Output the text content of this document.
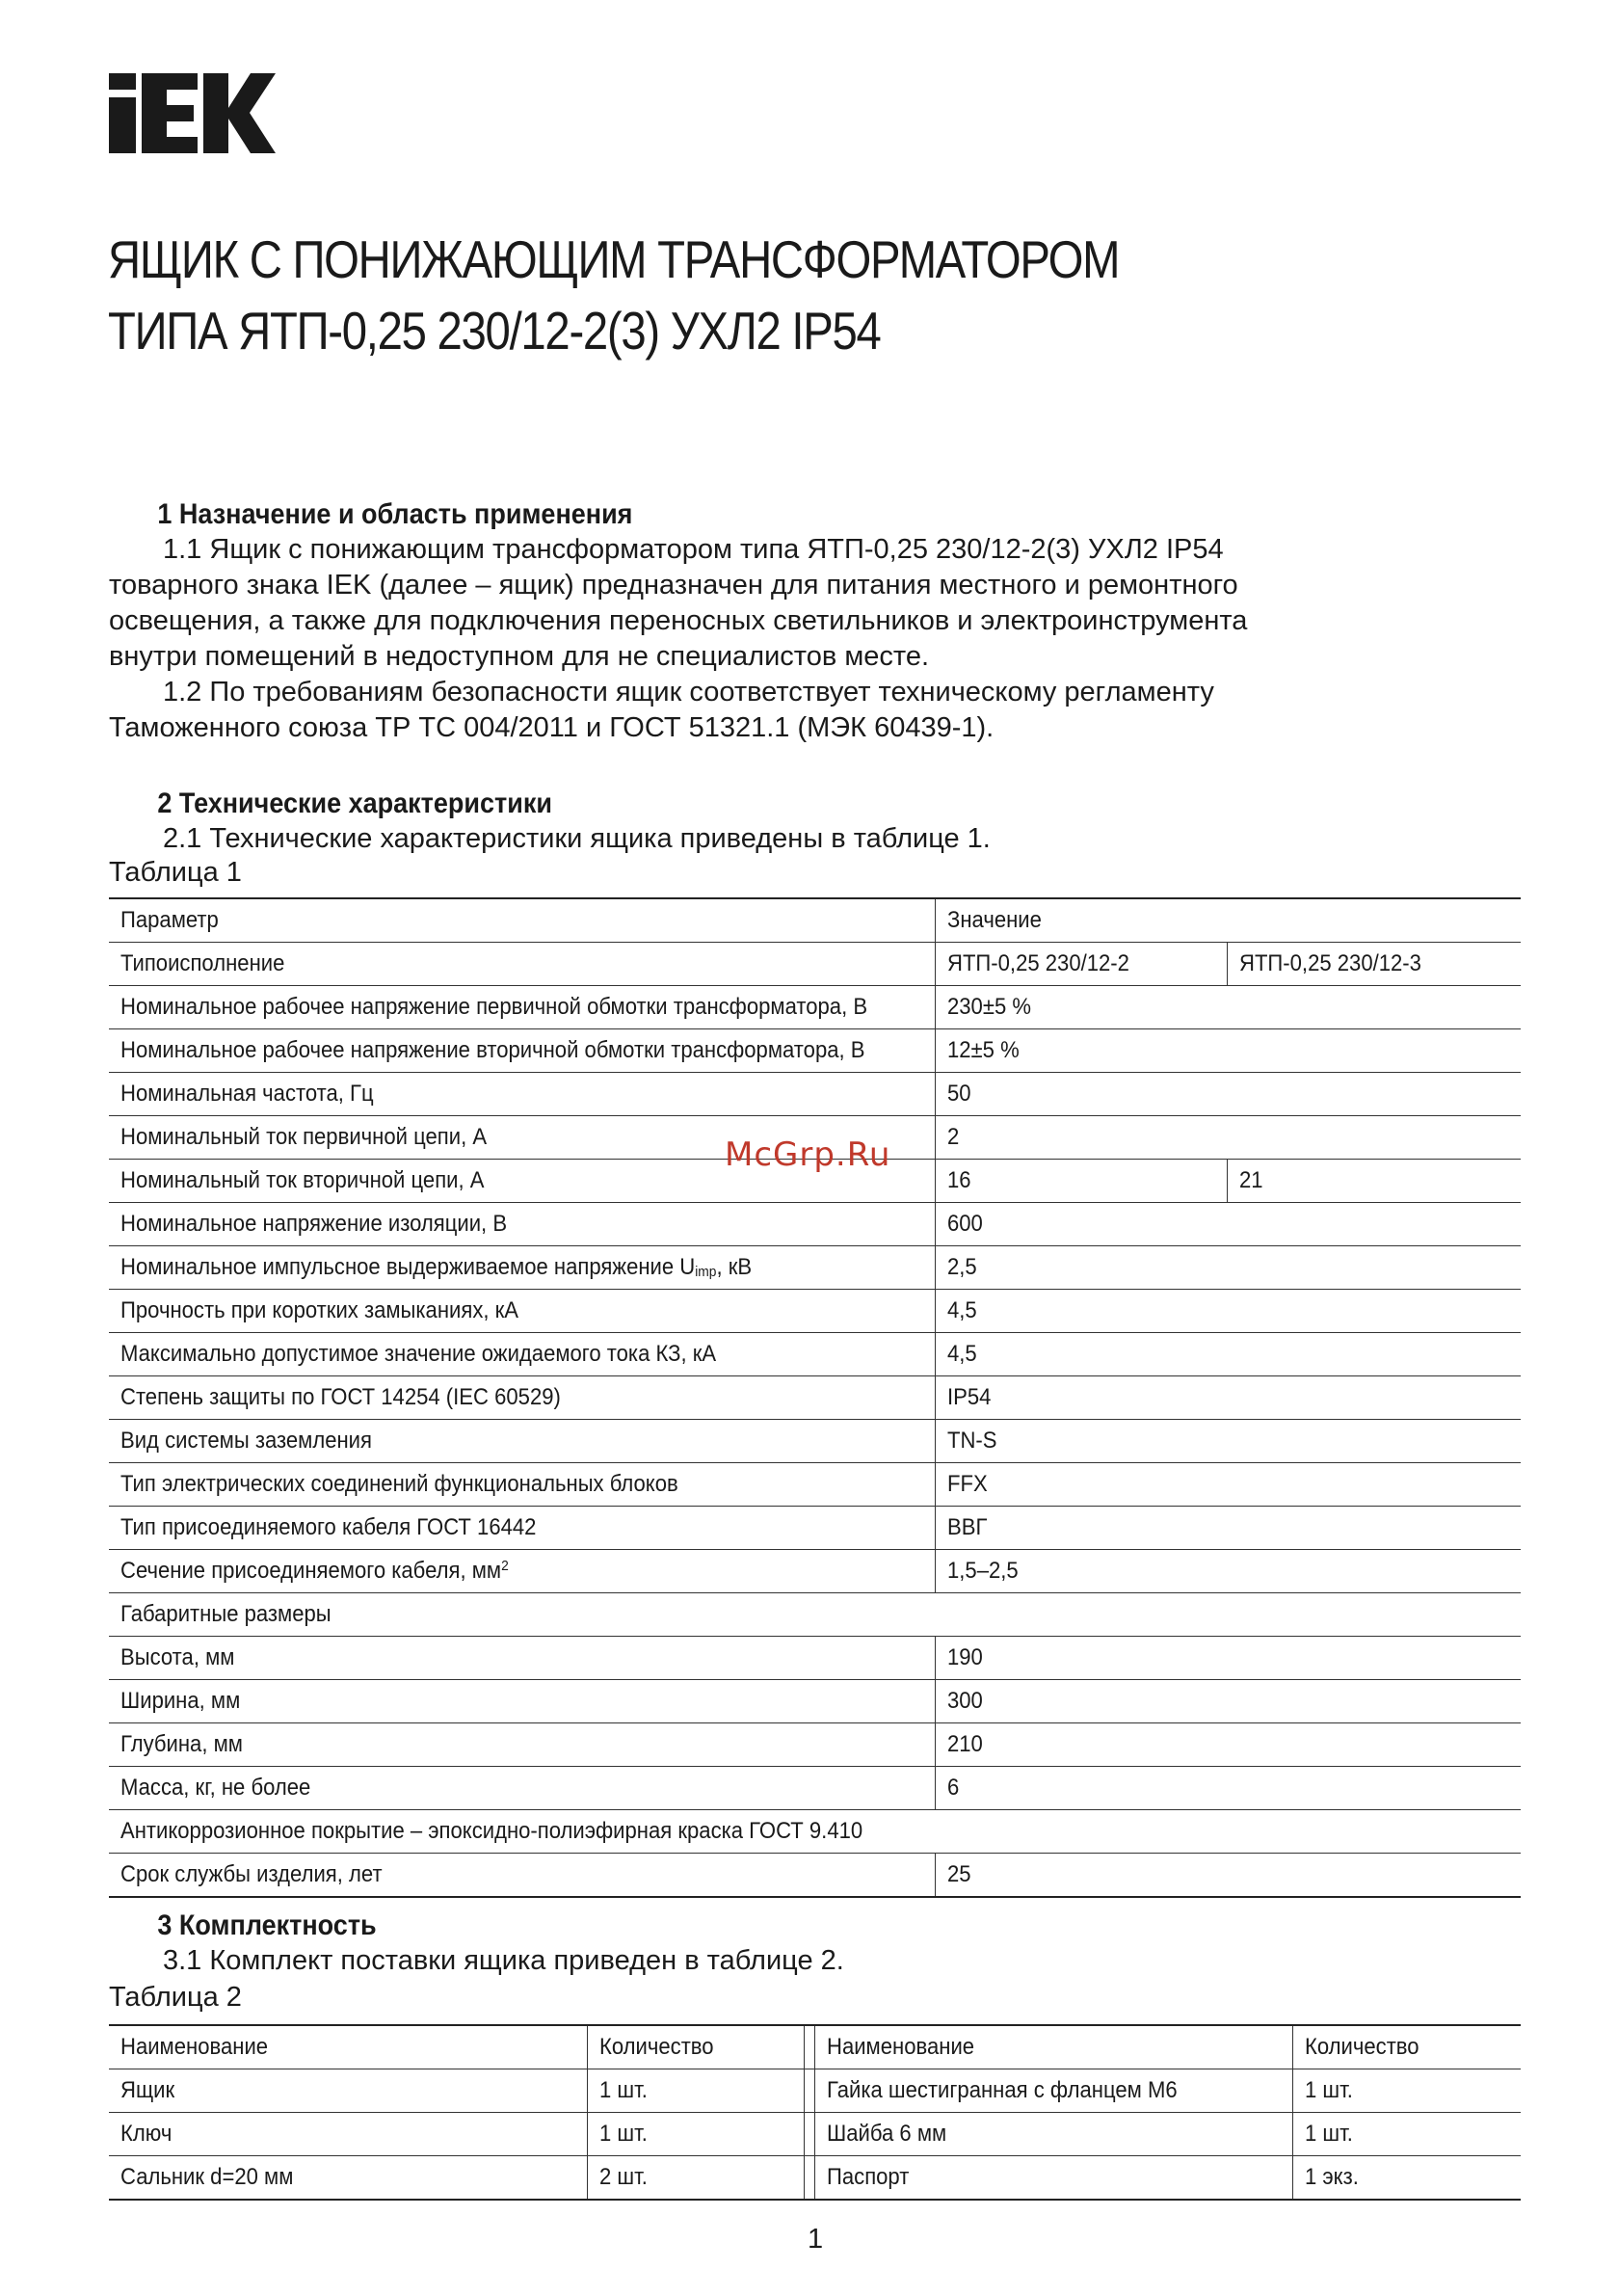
ЯЩИК С ПОНИЖАЮЩИМ ТРАНСФОРМАТОРОМ
ТИПА ЯТП-0,25 230/12-2(3) УХЛ2 IP54
1 Назначение и область применения
1.1 Ящик с понижающим трансформатором типа ЯТП-0,25 230/12-2(3) УХЛ2 IP54
товарного знака IEK (далее – ящик) предназначен для питания местного и ремонтного
освещения, а также для подключения переносных светильников и электроинструмента
внутри помещений в недоступном для не специалистов месте.
1.2 По требованиям безопасности ящик соответствует техническому регламенту
Таможенного союза ТР ТС 004/2011 и ГОСТ 51321.1 (МЭК 60439-1).
2 Технические характеристики
2.1 Технические характеристики ящика приведены в таблице 1.
Таблица 1
Параметр	Значение	
Типоисполнение	ЯТП-0,25 230/12-2	ЯТП-0,25 230/12-3
Номинальное рабочее напряжение первичной обмотки трансформатора, В	230±5 %	
Номинальное рабочее напряжение вторичной обмотки трансформатора, В	12±5 %	
Номинальная частота, Гц	50	
Номинальный ток первичной цепи, А	2	
Номинальный ток вторичной цепи, А	16	21
Номинальное напряжение изоляции, В	600	
Номинальное импульсное выдерживаемое напряжение $U_{imp}$, кВ	2,5	
Прочность при коротких замыканиях, кА	4,5	
Максимально допустимое значение ожидаемого тока КЗ, кА	4,5	
Степень защиты по ГОСТ 14254 (IEC 60529)	IP54	
Вид системы заземления	TN-S	
Тип электрических соединений функциональных блоков	FFX	
Тип присоединяемого кабеля ГОСТ 16442	ВВГ	
Сечение присоединяемого кабеля, $мм^2$	1,5–2,5	
Габаритные размеры		
Высота, мм	190	
Ширина, мм	300	
Глубина, мм	210	
Масса, кг, не более	6	
Антикоррозионное покрытие – эпоксидно-полиэфирная краска ГОСТ 9.410		
Срок службы изделия, лет	25	
McGrp.Ru
3 Комплектность
3.1 Комплект поставки ящика приведен в таблице 2.
Таблица 2
Наименование	Количество		Наименование	Количество
Ящик	1 шт.		Гайка шестигранная с фланцем М6	1 шт.
Ключ	1 шт.		Шайба 6 мм	1 шт.
Сальник d=20 мм	2 шт.		Паспорт	1 экз.
1
